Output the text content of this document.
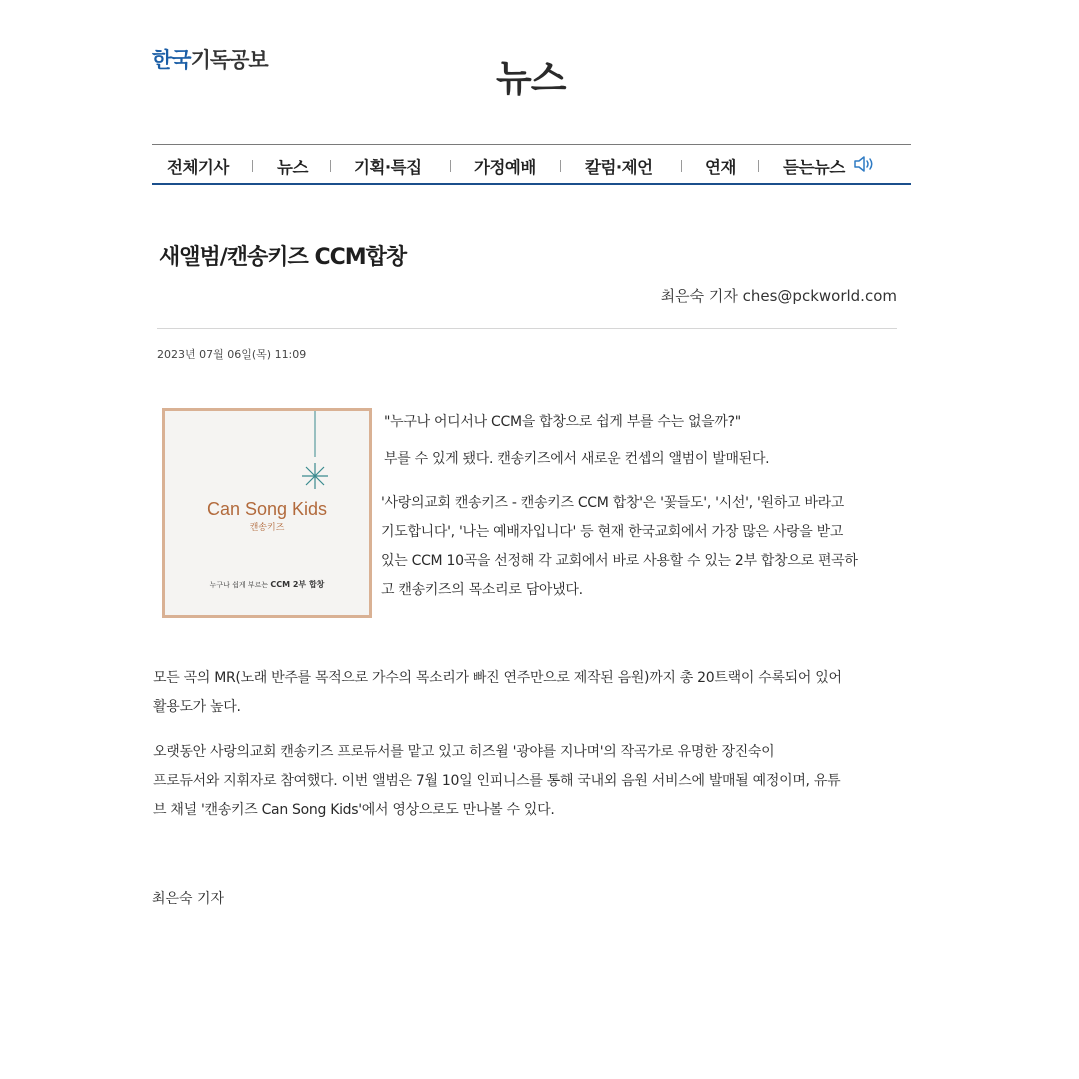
한국기독공보	뉴스
전체기사	뉴스	기획·특집	가정예배	칼럼·제언	연재	듣는뉴스
새앨범/캔송키즈 CCM합창
최은숙 기자 ches@pckworld.com
2023년 07월 06일(목) 11:09
Can Song Kids
캔송키즈
누구나 쉽게 부르는 CCM 2부 합창
"누구나 어디서나 CCM을 합창으로 쉽게 부를 수는 없을까?"
부를 수 있게 됐다. 캔송키즈에서 새로운 컨셉의 앨범이 발매된다.
'사랑의교회 캔송키즈 - 캔송키즈 CCM 합창'은 '꽃들도', '시선', '원하고 바라고
기도합니다', '나는 예배자입니다' 등 현재 한국교회에서 가장 많은 사랑을 받고
있는 CCM 10곡을 선정해 각 교회에서 바로 사용할 수 있는 2부 합창으로 편곡하
고 캔송키즈의 목소리로 담아냈다.
모든 곡의 MR(노래 반주를 목적으로 가수의 목소리가 빠진 연주만으로 제작된 음원)까지 총 20트랙이 수록되어 있어
활용도가 높다.
오랫동안 사랑의교회 캔송키즈 프로듀서를 맡고 있고 히즈윌 '광야를 지나며'의 작곡가로 유명한 장진숙이
프로듀서와 지휘자로 참여했다. 이번 앨범은 7월 10일 인피니스를 통해 국내외 음원 서비스에 발매될 예정이며, 유튜
브 채널 '캔송키즈 Can Song Kids'에서 영상으로도 만나볼 수 있다.
최은숙 기자
